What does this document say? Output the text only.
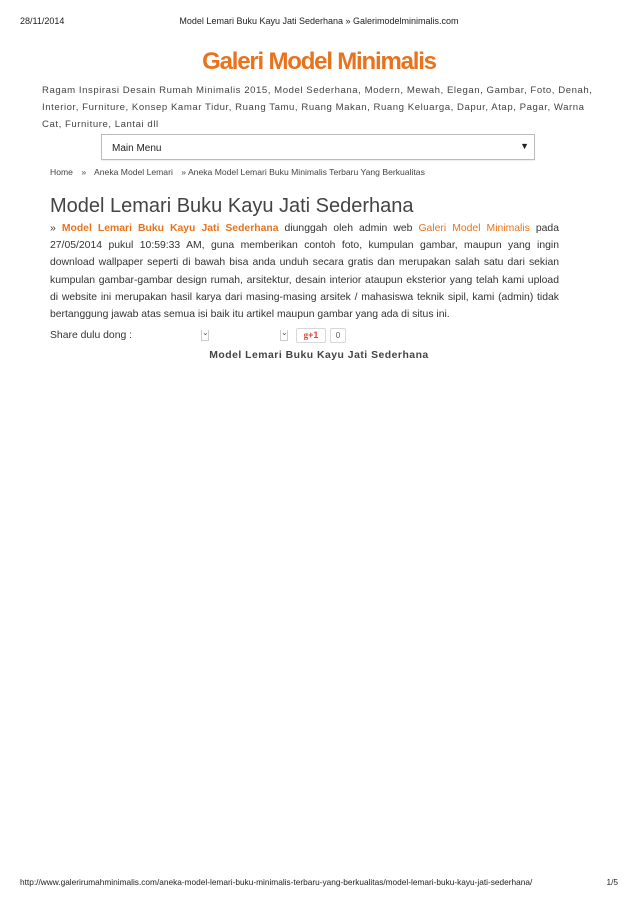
28/11/2014	Model Lemari Buku Kayu Jati Sederhana » Galerimodelminimalis.com
Galeri Model Minimalis
Ragam Inspirasi Desain Rumah Minimalis 2015, Model Sederhana, Modern, Mewah, Elegan, Gambar, Foto, Denah, Interior, Furniture, Konsep Kamar Tidur, Ruang Tamu, Ruang Makan, Ruang Keluarga, Dapur, Atap, Pagar, Warna Cat, Furniture, Lantai dll
Main Menu	▼
Home » Aneka Model Lemari » Aneka Model Lemari Buku Minimalis Terbaru Yang Berkualitas
Model Lemari Buku Kayu Jati Sederhana
» Model Lemari Buku Kayu Jati Sederhana diunggah oleh admin web Galeri Model Minimalis pada 27/05/2014 pukul 10:59:33 AM, guna memberikan contoh foto, kumpulan gambar, maupun yang ingin download wallpaper seperti di bawah bisa anda unduh secara gratis dan merupakan salah satu dari sekian kumpulan gambar-gambar design rumah, arsitektur, desain interior ataupun eksterior yang telah kami upload di website ini merupakan hasil karya dari masing-masing arsitek / mahasiswa teknik sipil, kami (admin) tidak bertanggung jawab atas semua isi baik itu artikel maupun gambar yang ada di situs ini.
Share dulu dong :	⌄	⌄	g+1	0
Model Lemari Buku Kayu Jati Sederhana
http://www.galerirumahminimalis.com/aneka-model-lemari-buku-minimalis-terbaru-yang-berkualitas/model-lemari-buku-kayu-jati-sederhana/	1/5
